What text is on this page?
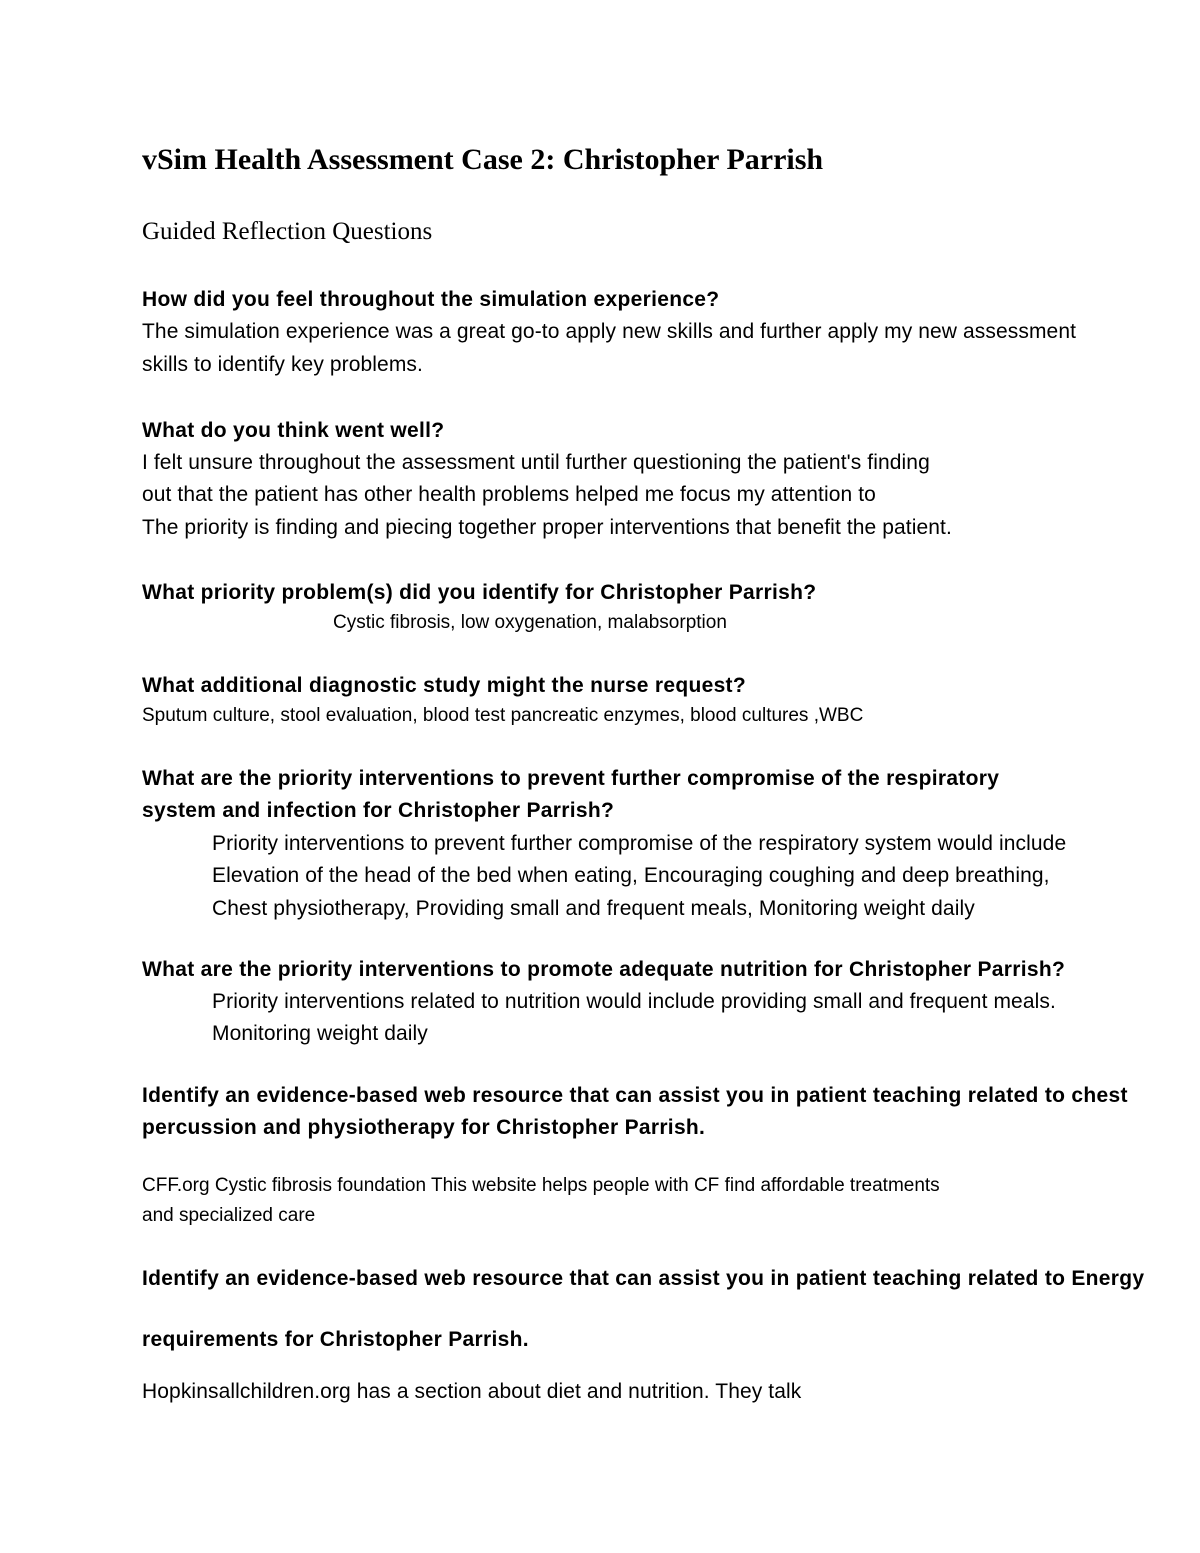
vSim Health Assessment Case 2: Christopher Parrish
Guided Reflection Questions

How did you feel throughout the simulation experience?

The simulation experience was a great go-to apply new skills and further apply my new assessment

skills to identify key problems.

What do you think went well?

I felt unsure throughout the assessment until further questioning the patient's finding

out that the patient has other health problems helped me focus my attention to

The priority is finding and piecing together proper interventions that benefit the patient.

What priority problem(s) did you identify for Christopher Parrish?

Cystic fibrosis, low oxygenation, malabsorption

What additional diagnostic study might the nurse request?

Sputum culture, stool evaluation, blood test pancreatic enzymes, blood cultures ,WBC

What are the priority interventions to prevent further compromise of the respiratory

system and infection for Christopher Parrish?

Priority interventions to prevent further compromise of the respiratory system would include

Elevation of the head of the bed when eating, Encouraging coughing and deep breathing,

Chest physiotherapy, Providing small and frequent meals, Monitoring weight daily

What are the priority interventions to promote adequate nutrition for Christopher Parrish?

Priority interventions related to nutrition would include providing small and frequent meals.

Monitoring weight daily

Identify an evidence-based web resource that can assist you in patient teaching related to chest

percussion and physiotherapy for Christopher Parrish.

CFF.org Cystic fibrosis foundation This website helps people with CF find affordable treatments

and specialized care

Identify an evidence-based web resource that can assist you in patient teaching related to Energy

requirements for Christopher Parrish.

Hopkinsallchildren.org has a section about diet and nutrition. They talk
